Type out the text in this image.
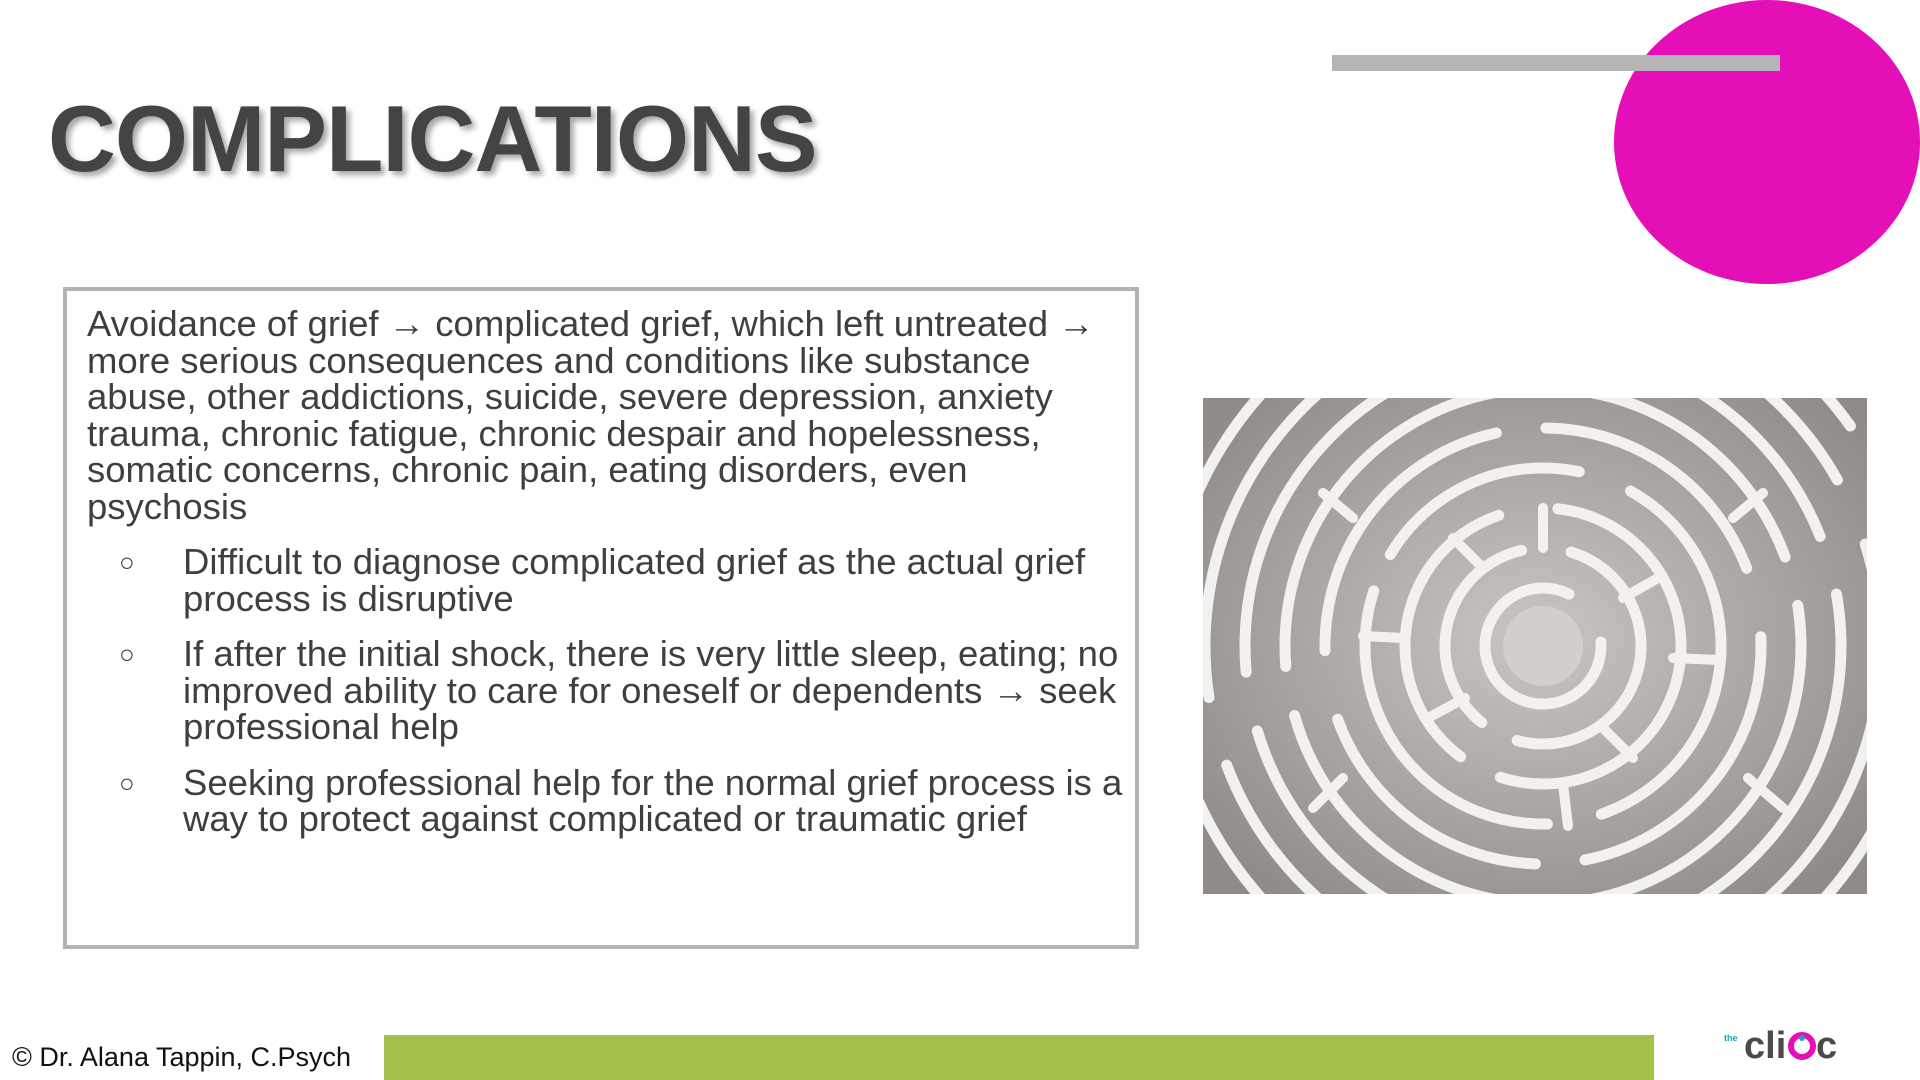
COMPLICATIONS

Avoidance of grief → complicated grief, which left untreated → more serious consequences and conditions like substance abuse, other addictions, suicide, severe depression, anxiety trauma, chronic fatigue, chronic despair and hopelessness, somatic concerns, chronic pain, eating disorders, even psychosis

○ Difficult to diagnose complicated grief as the actual grief process is disruptive
○ If after the initial shock, there is very little sleep, eating; no improved ability to care for oneself or dependents → seek professional help
○ Seeking professional help for the normal grief process is a way to protect against complicated or traumatic grief

© Dr. Alana Tappin, C.Psych

the cli c
